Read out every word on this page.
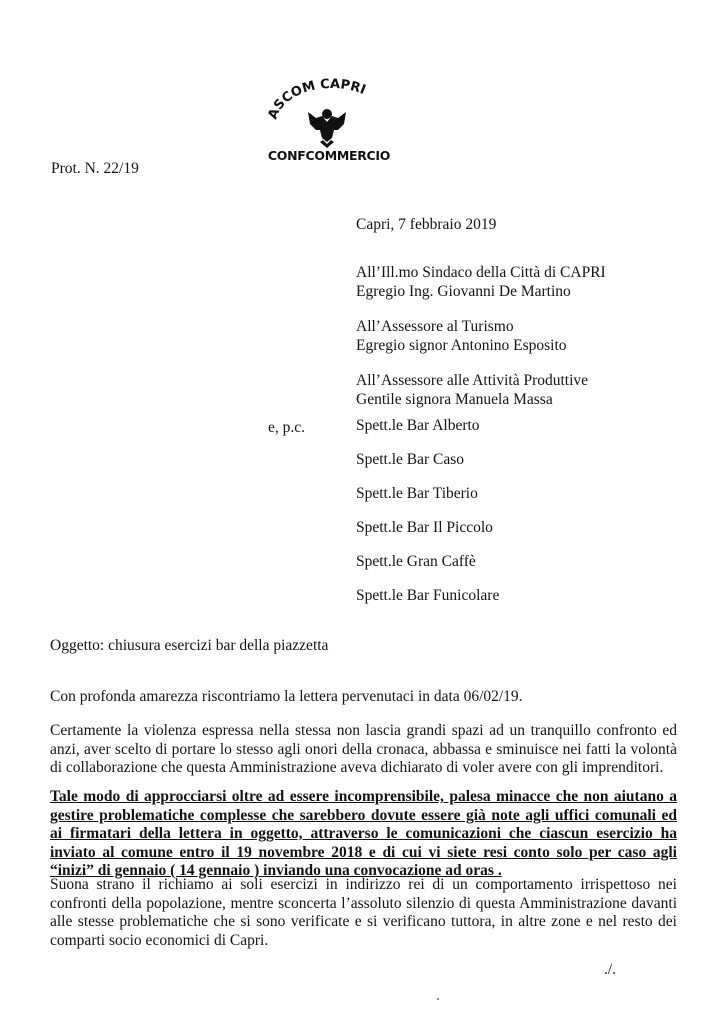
ASCOM CAPRI
CONFCOMMERCIO
Prot. N. 22/19
Capri, 7 febbraio 2019
All’Ill.mo Sindaco della Città di CAPRI
Egregio Ing. Giovanni De Martino
All’Assessore al Turismo
Egregio signor Antonino Esposito
All’Assessore alle Attività Produttive
Gentile signora Manuela Massa
e, p.c.	Spett.le Bar Alberto
Spett.le Bar Caso
Spett.le Bar Tiberio
Spett.le Bar Il Piccolo
Spett.le Gran Caffè
Spett.le Bar Funicolare
Oggetto: chiusura esercizi bar della piazzetta
Con profonda amarezza riscontriamo la lettera pervenutaci in data 06/02/19.
Certamente la violenza espressa nella stessa non lascia grandi spazi ad un tranquillo confronto ed
anzi, aver scelto di portare lo stesso agli onori della cronaca, abbassa e sminuisce nei fatti la volontà
di collaborazione che questa Amministrazione aveva dichiarato di voler avere con gli imprenditori.
Tale modo di approcciarsi oltre ad essere incomprensibile, palesa minacce che non aiutano a
gestire problematiche complesse che sarebbero dovute essere già note agli uffici comunali ed
ai firmatari della lettera in oggetto, attraverso le comunicazioni che ciascun esercizio ha
inviato al comune entro il 19 novembre 2018 e di cui vi siete resi conto solo per caso agli
“inizi” di gennaio ( 14 gennaio ) inviando una convocazione ad oras .
Suona strano il richiamo ai soli esercizi in indirizzo rei di un comportamento irrispettoso nei
confronti della popolazione, mentre sconcerta l’assoluto silenzio di questa Amministrazione davanti
alle stesse problematiche che si sono verificate e si verificano tuttora, in altre zone e nel resto dei
comparti socio economici di Capri.
./.
